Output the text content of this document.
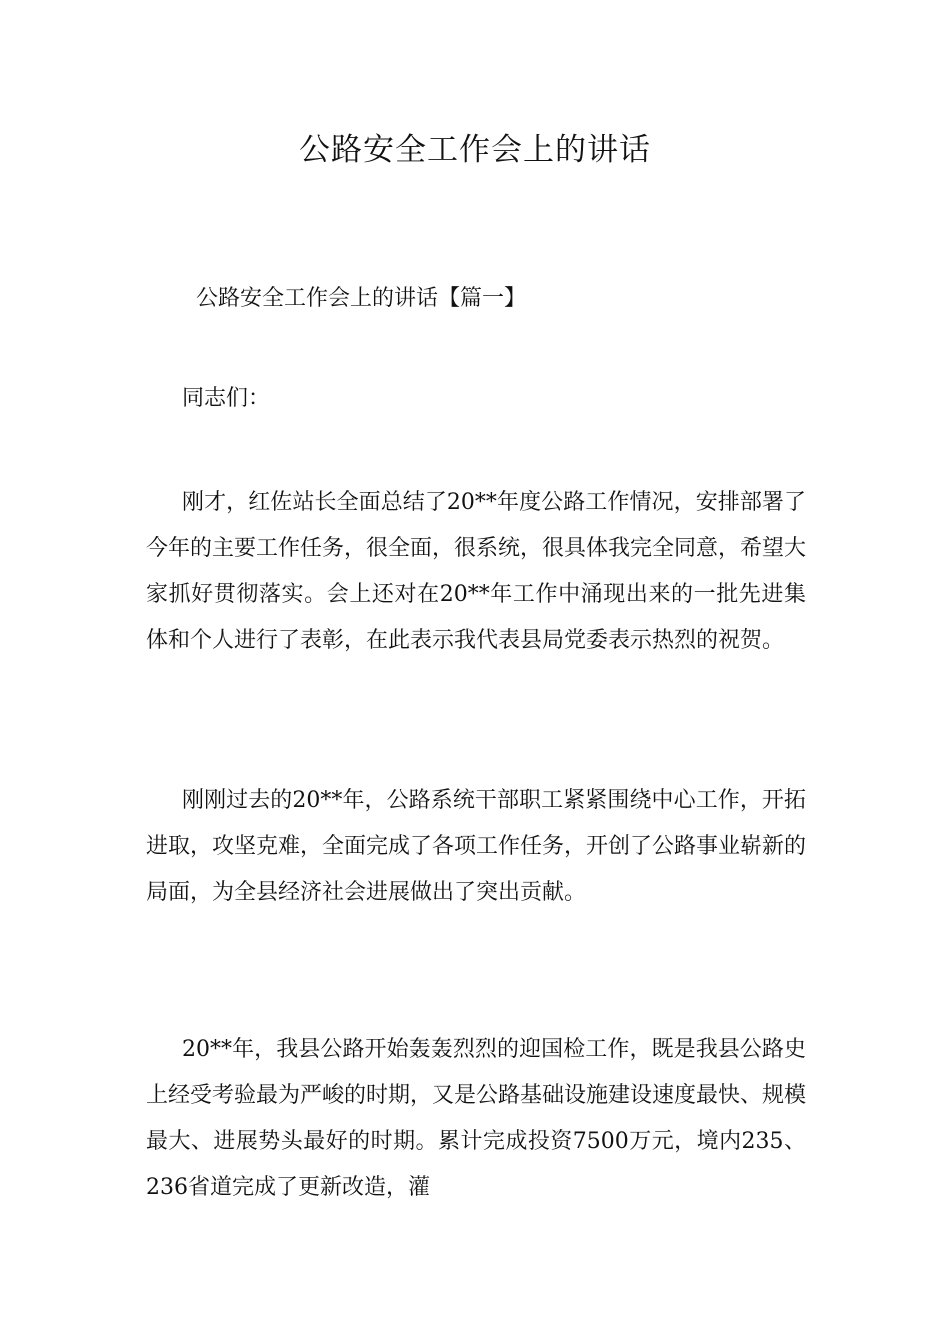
公路安全工作会上的讲话

公路安全工作会上的讲话【篇一】

同志们：

刚才，红佐站长全面总结了20**年度公路工作情况，安排部署了今年的主要工作任务，很全面，很系统，很具体我完全同意，希望大家抓好贯彻落实。会上还对在20**年工作中涌现出来的一批先进集体和个人进行了表彰，在此表示我代表县局党委表示热烈的祝贺。

刚刚过去的20**年，公路系统干部职工紧紧围绕中心工作，开拓进取，攻坚克难，全面完成了各项工作任务，开创了公路事业崭新的局面，为全县经济社会进展做出了突出贡献。

20**年，我县公路开始轰轰烈烈的迎国检工作，既是我县公路史上经受考验最为严峻的时期，又是公路基础设施建设速度最快、规模最大、进展势头最好的时期。累计完成投资7500万元，境内235、236省道完成了更新改造，灌
